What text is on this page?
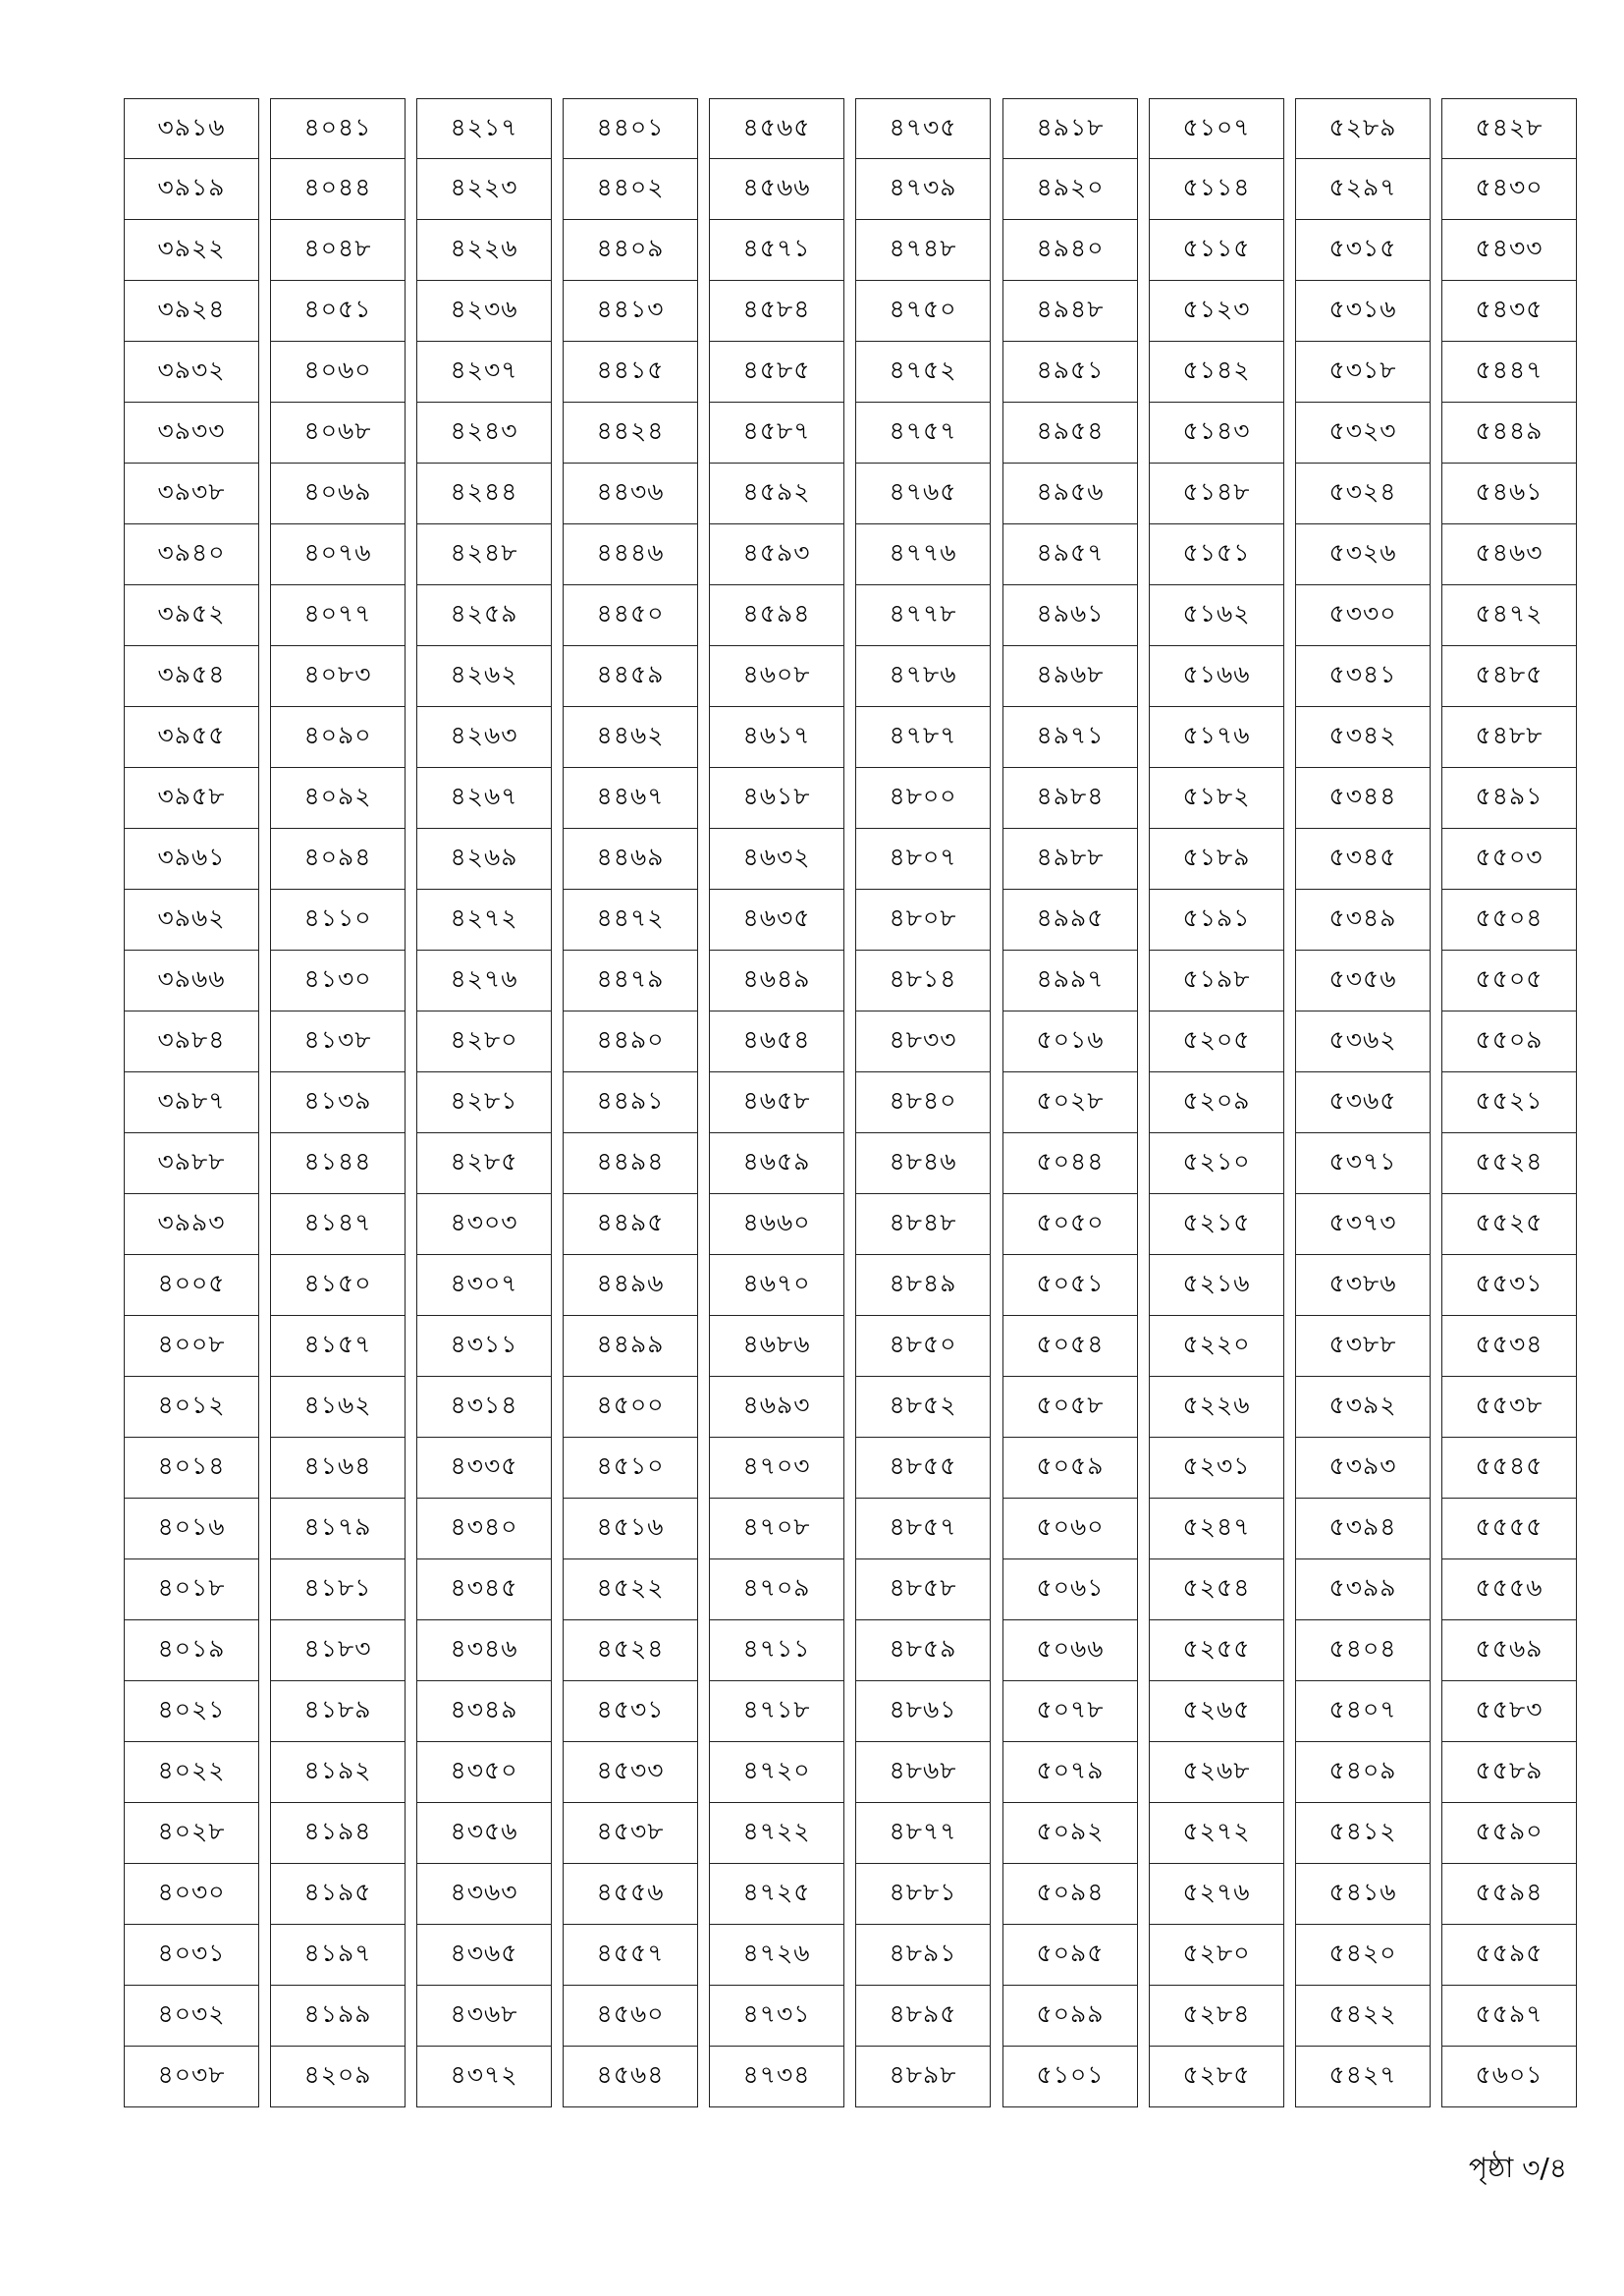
৩৯১৬
৩৯১৯
৩৯২২
৩৯২৪
৩৯৩২
৩৯৩৩
৩৯৩৮
৩৯৪০
৩৯৫২
৩৯৫৪
৩৯৫৫
৩৯৫৮
৩৯৬১
৩৯৬২
৩৯৬৬
৩৯৮৪
৩৯৮৭
৩৯৮৮
৩৯৯৩
৪০০৫
৪০০৮
৪০১২
৪০১৪
৪০১৬
৪০১৮
৪০১৯
৪০২১
৪০২২
৪০২৮
৪০৩০
৪০৩১
৪০৩২
৪০৩৮
৪০৪১
৪০৪৪
৪০৪৮
৪০৫১
৪০৬০
৪০৬৮
৪০৬৯
৪০৭৬
৪০৭৭
৪০৮৩
৪০৯০
৪০৯২
৪০৯৪
৪১১০
৪১৩০
৪১৩৮
৪১৩৯
৪১৪৪
৪১৪৭
৪১৫০
৪১৫৭
৪১৬২
৪১৬৪
৪১৭৯
৪১৮১
৪১৮৩
৪১৮৯
৪১৯২
৪১৯৪
৪১৯৫
৪১৯৭
৪১৯৯
৪২০৯
৪২১৭
৪২২৩
৪২২৬
৪২৩৬
৪২৩৭
৪২৪৩
৪২৪৪
৪২৪৮
৪২৫৯
৪২৬২
৪২৬৩
৪২৬৭
৪২৬৯
৪২৭২
৪২৭৬
৪২৮০
৪২৮১
৪২৮৫
৪৩০৩
৪৩০৭
৪৩১১
৪৩১৪
৪৩৩৫
৪৩৪০
৪৩৪৫
৪৩৪৬
৪৩৪৯
৪৩৫০
৪৩৫৬
৪৩৬৩
৪৩৬৫
৪৩৬৮
৪৩৭২
৪৪০১
৪৪০২
৪৪০৯
৪৪১৩
৪৪১৫
৪৪২৪
৪৪৩৬
৪৪৪৬
৪৪৫০
৪৪৫৯
৪৪৬২
৪৪৬৭
৪৪৬৯
৪৪৭২
৪৪৭৯
৪৪৯০
৪৪৯১
৪৪৯৪
৪৪৯৫
৪৪৯৬
৪৪৯৯
৪৫০০
৪৫১০
৪৫১৬
৪৫২২
৪৫২৪
৪৫৩১
৪৫৩৩
৪৫৩৮
৪৫৫৬
৪৫৫৭
৪৫৬০
৪৫৬৪
৪৫৬৫
৪৫৬৬
৪৫৭১
৪৫৮৪
৪৫৮৫
৪৫৮৭
৪৫৯২
৪৫৯৩
৪৫৯৪
৪৬০৮
৪৬১৭
৪৬১৮
৪৬৩২
৪৬৩৫
৪৬৪৯
৪৬৫৪
৪৬৫৮
৪৬৫৯
৪৬৬০
৪৬৭০
৪৬৮৬
৪৬৯৩
৪৭০৩
৪৭০৮
৪৭০৯
৪৭১১
৪৭১৮
৪৭২০
৪৭২২
৪৭২৫
৪৭২৬
৪৭৩১
৪৭৩৪
৪৭৩৫
৪৭৩৯
৪৭৪৮
৪৭৫০
৪৭৫২
৪৭৫৭
৪৭৬৫
৪৭৭৬
৪৭৭৮
৪৭৮৬
৪৭৮৭
৪৮০০
৪৮০৭
৪৮০৮
৪৮১৪
৪৮৩৩
৪৮৪০
৪৮৪৬
৪৮৪৮
৪৮৪৯
৪৮৫০
৪৮৫২
৪৮৫৫
৪৮৫৭
৪৮৫৮
৪৮৫৯
৪৮৬১
৪৮৬৮
৪৮৭৭
৪৮৮১
৪৮৯১
৪৮৯৫
৪৮৯৮
৪৯১৮
৪৯২০
৪৯৪০
৪৯৪৮
৪৯৫১
৪৯৫৪
৪৯৫৬
৪৯৫৭
৪৯৬১
৪৯৬৮
৪৯৭১
৪৯৮৪
৪৯৮৮
৪৯৯৫
৪৯৯৭
৫০১৬
৫০২৮
৫০৪৪
৫০৫০
৫০৫১
৫০৫৪
৫০৫৮
৫০৫৯
৫০৬০
৫০৬১
৫০৬৬
৫০৭৮
৫০৭৯
৫০৯২
৫০৯৪
৫০৯৫
৫০৯৯
৫১০১
৫১০৭
৫১১৪
৫১১৫
৫১২৩
৫১৪২
৫১৪৩
৫১৪৮
৫১৫১
৫১৬২
৫১৬৬
৫১৭৬
৫১৮২
৫১৮৯
৫১৯১
৫১৯৮
৫২০৫
৫২০৯
৫২১০
৫২১৫
৫২১৬
৫২২০
৫২২৬
৫২৩১
৫২৪৭
৫২৫৪
৫২৫৫
৫২৬৫
৫২৬৮
৫২৭২
৫২৭৬
৫২৮০
৫২৮৪
৫২৮৫
৫২৮৯
৫২৯৭
৫৩১৫
৫৩১৬
৫৩১৮
৫৩২৩
৫৩২৪
৫৩২৬
৫৩৩০
৫৩৪১
৫৩৪২
৫৩৪৪
৫৩৪৫
৫৩৪৯
৫৩৫৬
৫৩৬২
৫৩৬৫
৫৩৭১
৫৩৭৩
৫৩৮৬
৫৩৮৮
৫৩৯২
৫৩৯৩
৫৩৯৪
৫৩৯৯
৫৪০৪
৫৪০৭
৫৪০৯
৫৪১২
৫৪১৬
৫৪২০
৫৪২২
৫৪২৭
৫৪২৮
৫৪৩০
৫৪৩৩
৫৪৩৫
৫৪৪৭
৫৪৪৯
৫৪৬১
৫৪৬৩
৫৪৭২
৫৪৮৫
৫৪৮৮
৫৪৯১
৫৫০৩
৫৫০৪
৫৫০৫
৫৫০৯
৫৫২১
৫৫২৪
৫৫২৫
৫৫৩১
৫৫৩৪
৫৫৩৮
৫৫৪৫
৫৫৫৫
৫৫৫৬
৫৫৬৯
৫৫৮৩
৫৫৮৯
৫৫৯০
৫৫৯৪
৫৫৯৫
৫৫৯৭
৫৬০১
পৃষ্ঠা ৩/৪
